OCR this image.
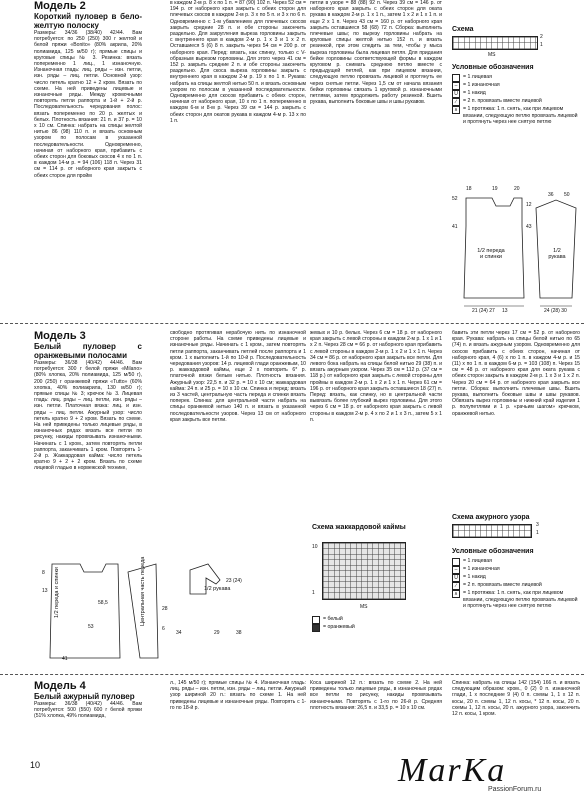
Модель 2

Короткий пуловер в бело-желтую полоску

Размеры: 34/36 (38/40) 42/44. Вам потребуется: по 250 (250) 300 г желтой и белой пряжи «Bonito» (80% акрила, 20% полиамида, 125 м/50 г); прямые спицы и круговые спицы № 3. Резинка: вязать попеременно 1 лиц., 1 изнаночную. Изнаночная гладь: лиц. ряды – изн. петли, изн. ряды – лиц. петли. Основной узор: число петель кратно 12 + 2 кром. Вязать по схеме. На ней приведены лицевые и изнаночные ряды. Между кромочными повторять петли раппорта и 1-й + 2-й р. Последовательность чередования полос: вязать попеременно по 20 р. желтых и белых. Плотность вязания: 21 п. и 37 р. = 10 х 10 см. Спинка: набрать на спицы желтой нитью 86 (98) 110 п. и вязать основным узором по полосам в указанной последовательности. Одновременно, начиная от наборного края, прибавить с обеих сторон для боковых скосов 4 х по 1 п. в каждом 14-м р. = 94 (106) 118 п. Через 31 см = 114 р. от наборного края закрыть с обеих сторон для пройм

в каждом 2-м р. 8 х по 1 п. = 87 (90) 102 п. Через 52 см = 194 р. от наборного края закрыть с обеих сторон для плечевых скосов в каждом 2-м р. 3 х по 5 п. и 3 х по 6 п. Одновременно с 1-м убавлением для плечевых скосов закрыть средние 28 п. и обе стороны закончить раздельно. Для закругления выреза горловины закрыть с внутреннего края в каждом 2-м р. 1 х 3 и 1 х 2 п. Оставшиеся 5 (6) 8 п. закрыть через 54 см = 200 р. от наборного края. Перед: вязать, как спинку, только с V-образным вырезом горловины. Для этого через 41 см = 152 р. закрыть средние 2 п. и обе стороны закончить раздельно. Для скоса выреза горловины закрыть с внутреннего края в каждом 2-м р. 19 х по 1 п. Рукава: набрать на спицы желтой нитью 50 п. и вязать основным узором по полосам в указанной последовательности. Одновременно для скосов прибавить с обеих сторон, начиная от наборного края, 10 х по 1 п. попеременно в каждом 6-м и 8-м р. Через 39 см = 144 р. закрыть с обеих сторон для окатов рукава в каждом 4-м р. 13 х по 1 п.

петли в узоре = 88 (88) 92 п. Через 39 см = 146 р. от наборного края закрыть с обеих сторон для оката рукава в каждом 2-м р. 1 х 1 п., затем 1 х 2 и 1 х 1 п. и еще 2 х 1 п. Через 43 см = 160 р. от наборного края закрыть оставшиеся 58 (68) 72 п. Сборка: выполнить плечевые швы; по вырезу горловины набрать на круговые спицы желтой нитью 152 п. и вязать резинкой, при этом следить за тем, чтобы у мыса выреза горловины была лицевая петля. Для придания бейке горловины соответствующей формы в каждом круговом р. снимать среднюю петлю вместе с предыдущей петлей, как при лицевом вязании, следующую петлю провязать лицевой и протянуть ее через снятые петли. Через 1,5 см от начала вязания бейки горловины связать 1 круговой р. изнаночными петлями, затем продолжить работу резинкой. Вшить рукава, выполнить боковые швы и швы рукавов.

Схема
2
1
MS
Условные обозначения
= 1 лицевая
–	= 1 изнаночная
U = 1 накид
∕	= 2 п. провязать вместе лицевой
∧ = 1 протяжка: 1 п. снять, как при лицевом вязании, следующую петлю провязать лицевой и протянуть через нее снятую петлю
18	19	20
1/2 переда и спинки
1/2 рукава
41	43
12
52
21 (24) 27 13	24 (28) 30
36 50

Модель 3

Белый пуловер с оранжевыми полосами

Размеры: 36/38 (40/42) 44/46. Вам потребуется: 300 г белой пряжи «Milano» (80% хлопка, 20% полиамида, 125 м/50 г), 200 (250) г оранжевой пряжи «Tutto» (60% хлопка, 40% полиакрила, 130 м/50 г); прямые спицы № 3; крючок № 3. Лицевая гладь: лиц. ряды – лиц. петли, изн. ряды – изн. петли. Платочная вязка: лиц. и изн. ряды – лиц. петли. Ажурный узор: число петель кратно 9 + 2 кром. Вязать по схеме. На ней приведены только лицевые ряды, в изнаночных рядах вязать все петли по рисунку, накиды провязывать изнаночными. Начинать с 1 кром., затем повторять петли раппорта, заканчивать 1 кром. Повторять 1-2-й р. Жаккардовая кайма: число петель кратно 9 + 2 + 2 кром. Вязать по схеме лицевой гладью в норвежской технике,

свободно протягивая нерабочую нить по изнаночной стороне работы. На схеме приведены лицевые и изнаночные ряды. Начинать с 1 кром., затем повторять петли раппорта, заканчивать петлей после раппорта и 1 кром. 1 х выполнить 1-й по 10-й р. Последовательность чередования узоров: 14 р. лицевой глади оранжевым, 10 р. жаккардовой каймы, еще 2 х повторить 6* р. платочной вязки белым нитью. Плотность вязания. Ажурный узор: 22,5 п. и 32 р. = 10 х 10 см; жаккардовая кайма: 24 п. и 25 р. = 10 х 10 см. Спинка и перед: вязать из 3 частей, центральную часть переда и спинки вязать поперек. Спинка: для центральной части набрать на спицы оранжевой нитью 140 п. и вязать в указанной последовательности узоров. Через 13 см от наборного края закрыть все петли.

жевых и 10 р. белых. Через 6 см = 18 р. от наборного края закрыть с левой стороны в каждом 2-м р. 1 х 1 и 1 х 2 п. Через 28 см = 66 р. от наборного края прибавить с левой стороны в каждом 2-м р. 1 х 2 и 1 х 1 п. Через 34 см = 86 р. от наборного края закрыть все петли. Для левого бока набрать на спицы белой нитью 29 (38) п. и вязать ажурным узором. Через 35 см = 112 р. (37 см = 118 р.) от наборного края закрыть с левой стороны для проймы в каждом 2-м р. 1 х 2 и 1 х 1 п. Через 61 см = 196 р. от наборного края закрыть оставшиеся 18 (27) п. Перед: вязать, как спинку, но в центральной части вывязать более глубокий вырез горловины. Для этого через 6 см = 18 р. от наборного края закрыть с левой стороны в каждом 2-м р. 4 х по 2 и 1 х 3 п., затем 5 х 1 п.

бавить эти петли через 17 см = 52 р. от наборного края. Рукава: набрать на спицы белой нитью по 65 (74) п. и вязать ажурным узором. Одновременно для скосов прибавить с обеих сторон, начиная от наборного края, 4 (6) х по 1 п. в каждом 4-м р. и 15 (11) х по 1 п. в каждом 6-м р. = 103 (108) п. Через 15 см = 48 р. от наборного края для оката рукава с обеих сторон закрыть в каждом 2-м р. 1 х 3 и 1 х 2 п. Через 20 см = 64 р. от наборного края закрыть все петли. Сборка: выполнить плечевые швы. Вшить рукава, выполнить боковые швы и швы рукавов. Обвязать вырез горловины и нижний край изделия 1 р. полупетлями и 1 р. «рачьим шагом» крючком, оранжевой нитью.

1/2 переда и спинки	Центральная часть переда	1/2 рукава
8
13
58,5
53	6
28
34
41
23 (24)
29	38
Схема жаккардовой каймы
10
1
MS
= белый
= оранжевый
Схема ажурного узора
3
1
Условные обозначения
= 1 лицевая
–	= 1 изнаночная
U = 1 накид
∕	= 2 п. провязать вместе лицевой
∧ = 1 протяжка: 1 п. снять, как при лицевом вязании, следующую петлю провязать лицевой и протянуть через нее снятую петлю

Модель 4

Белый ажурный пуловер

Размеры: 36/38 (40/42) 44/46. Вам потребуется: 500 (550) 600 г белой пряжи (51% хлопка, 49% полиамида,

л., 145 м/50 г); прямые спицы № 4. Изнаночная гладь: лиц. ряды – изн. петли, изн. ряды – лиц. петли. Ажурный узор шириной 20 п.: вязать по схеме 1. На ней приведены лицевые и изнаночные ряды. Повторять с 1-го по 18-й р.

Коса шириной 12 п.: вязать по схеме 2. На ней приведены только лицевые ряды, в изнаночных рядах все петли по рисунку, накиды провязывать изнаночными. Повторять с 1-го по 26-й р. Средняя плотность вязания: 26,5 п. и 33,5 р. = 10 х 10 см.

Спинка: набрать на спицы 142 (154) 166 п. и вязать следующим образом: кром., 0 (2) 0 п. изнаночной глади, 1 х последние 9 (4) 0 п. схемы 1, 1 х 12 п. косы, 20 п. схемы 1, 12 п. косы, * 12 п. косы, 20 п. схемы 1, 12 п. косы, 20 п. ажурного узора, закончить 12 п. косы, 1 кром.

10	MarKa
PassionForum.ru
